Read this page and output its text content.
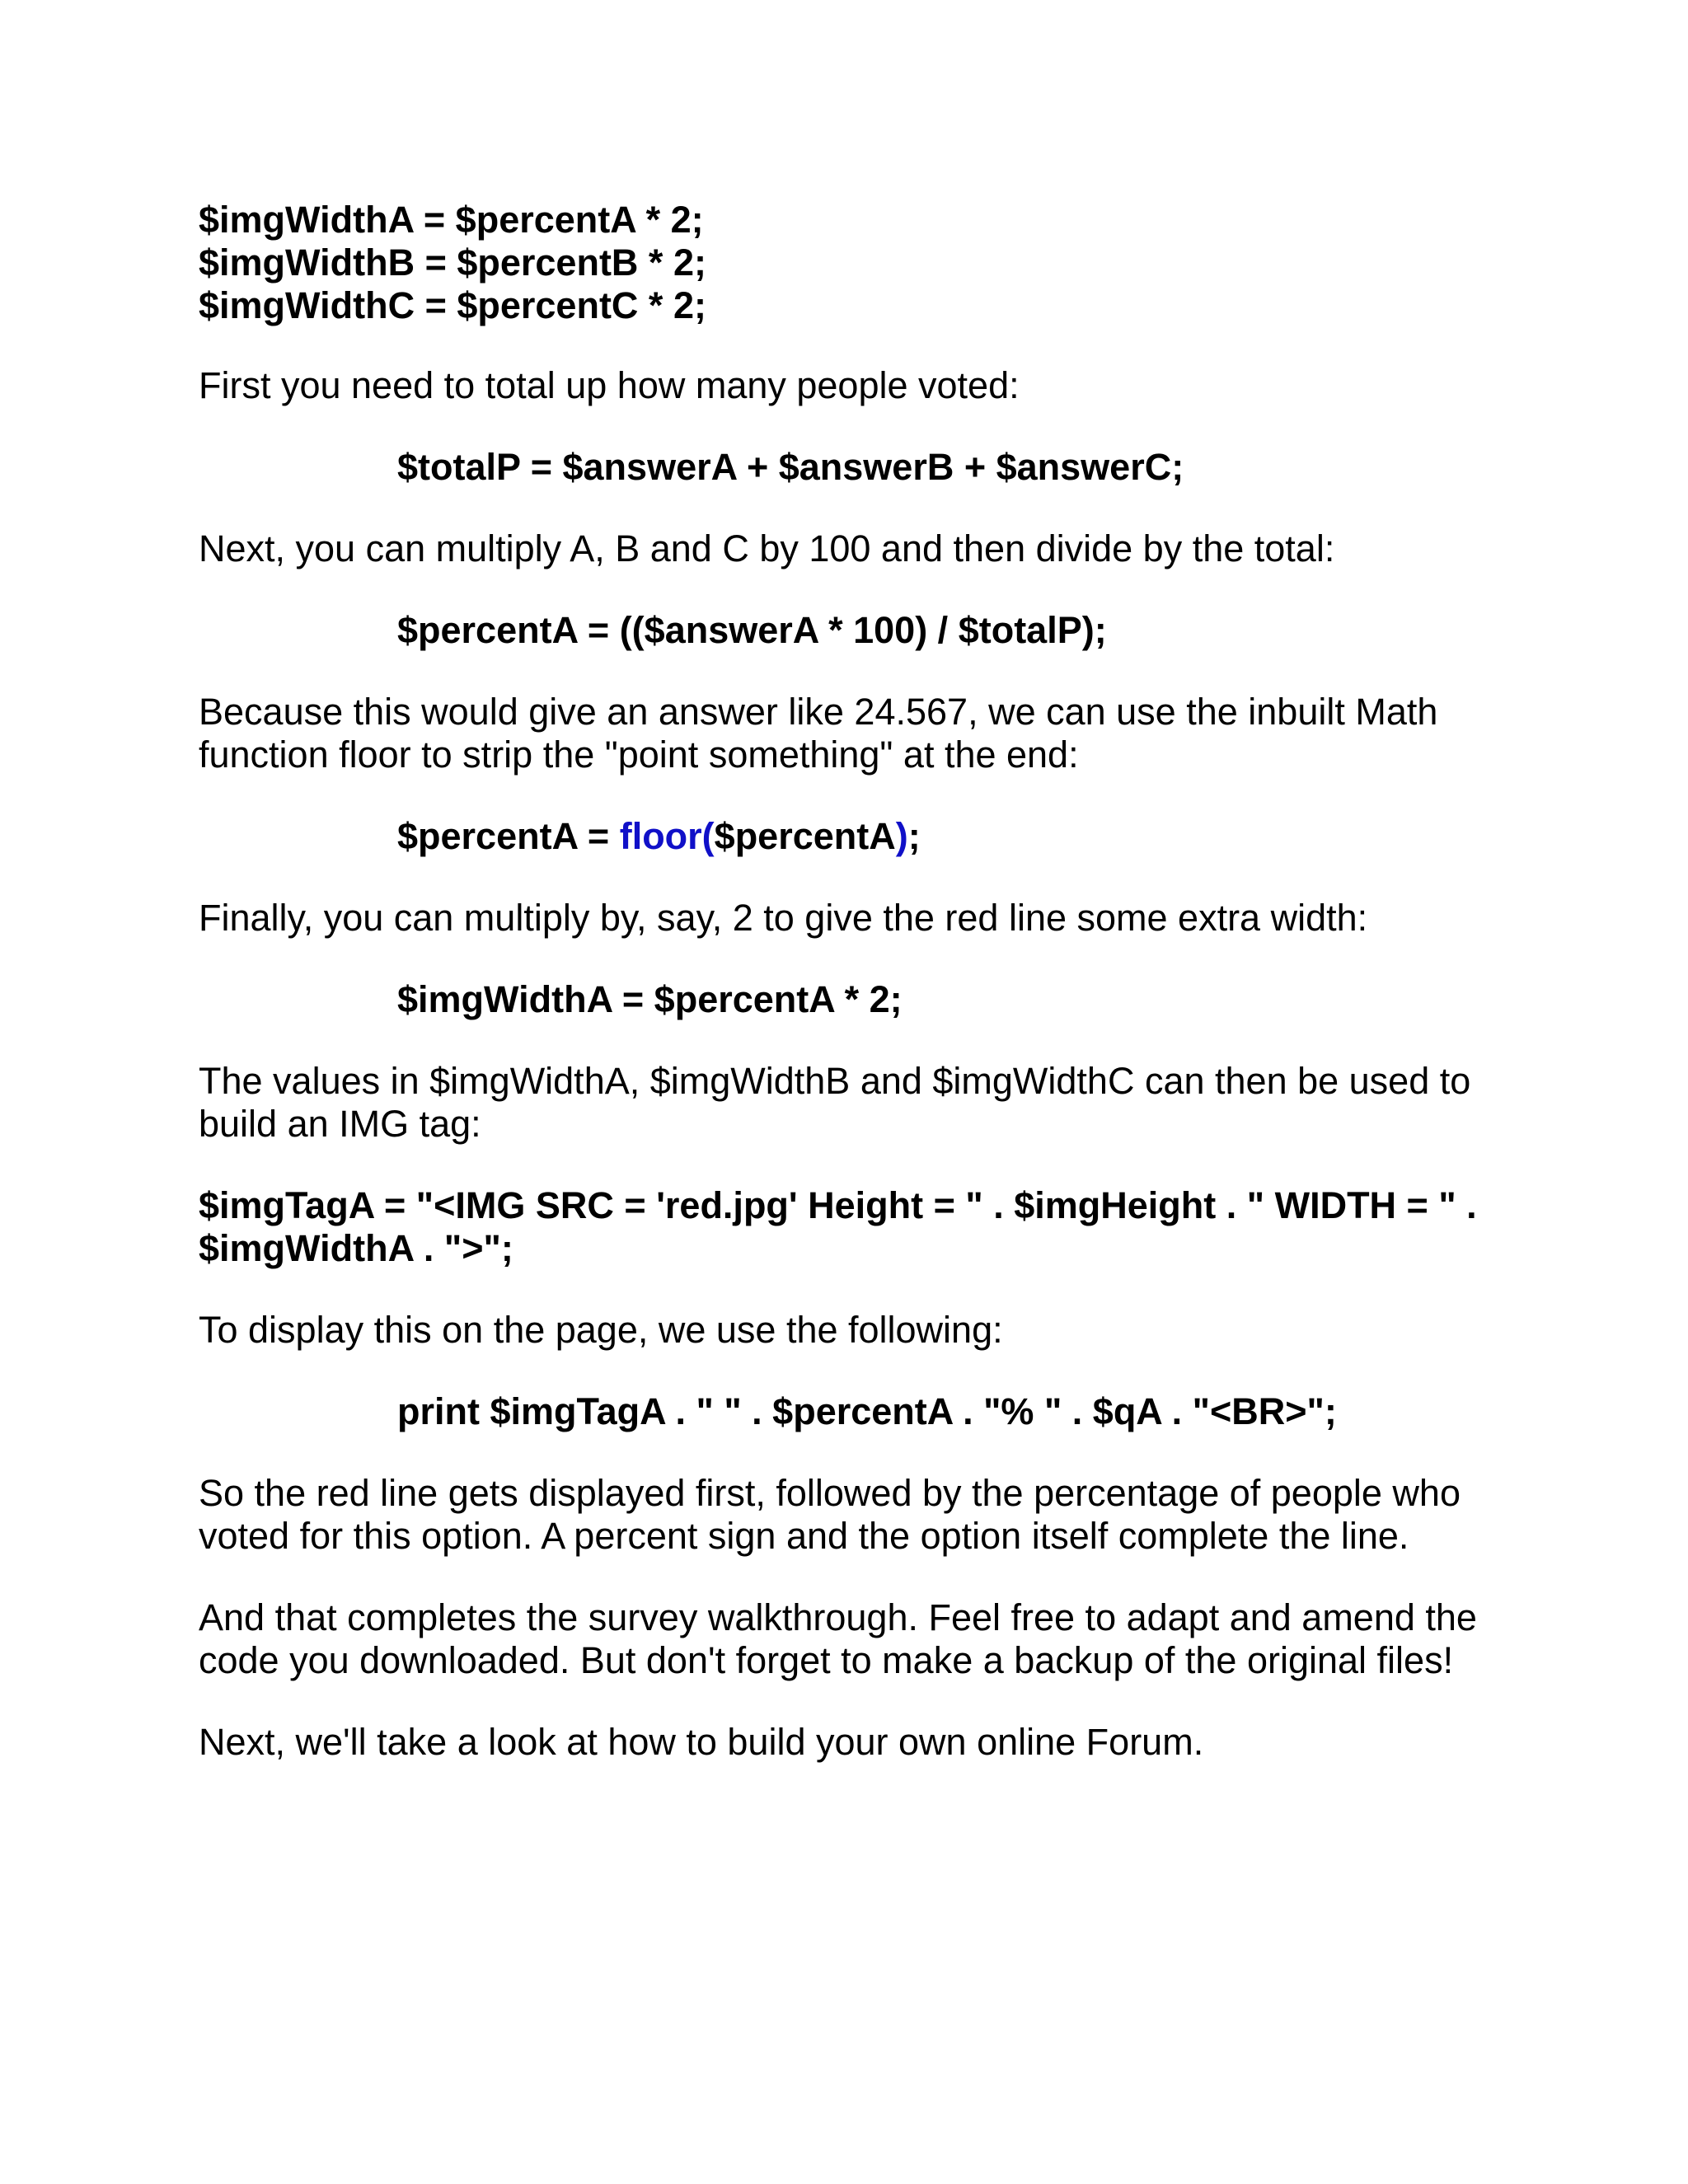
$imgWidthA = $percentA * 2;
$imgWidthB = $percentB * 2;
$imgWidthC = $percentC * 2;
First you need to total up how many people voted:
$totalP = $answerA + $answerB + $answerC;
Next, you can multiply A, B and C by 100 and then divide by the total:
$percentA = (($answerA * 100) / $totalP);
Because this would give an answer like 24.567, we can use the inbuilt Math
function floor to strip the "point something" at the end:
$percentA = floor($percentA);
Finally, you can multiply by, say, 2 to give the red line some extra width:
$imgWidthA = $percentA * 2;
The values in $imgWidthA, $imgWidthB and $imgWidthC can then be used to
build an IMG tag:
$imgTagA = "<IMG SRC = 'red.jpg' Height = " . $imgHeight . " WIDTH = " .
$imgWidthA . ">";
To display this on the page, we use the following:
print $imgTagA . " " . $percentA . "% " . $qA . "<BR>";
So the red line gets displayed first, followed by the percentage of people who
voted for this option. A percent sign and the option itself complete the line.
And that completes the survey walkthrough. Feel free to adapt and amend the
code you downloaded. But don't forget to make a backup of the original files!
Next, we'll take a look at how to build your own online Forum.
